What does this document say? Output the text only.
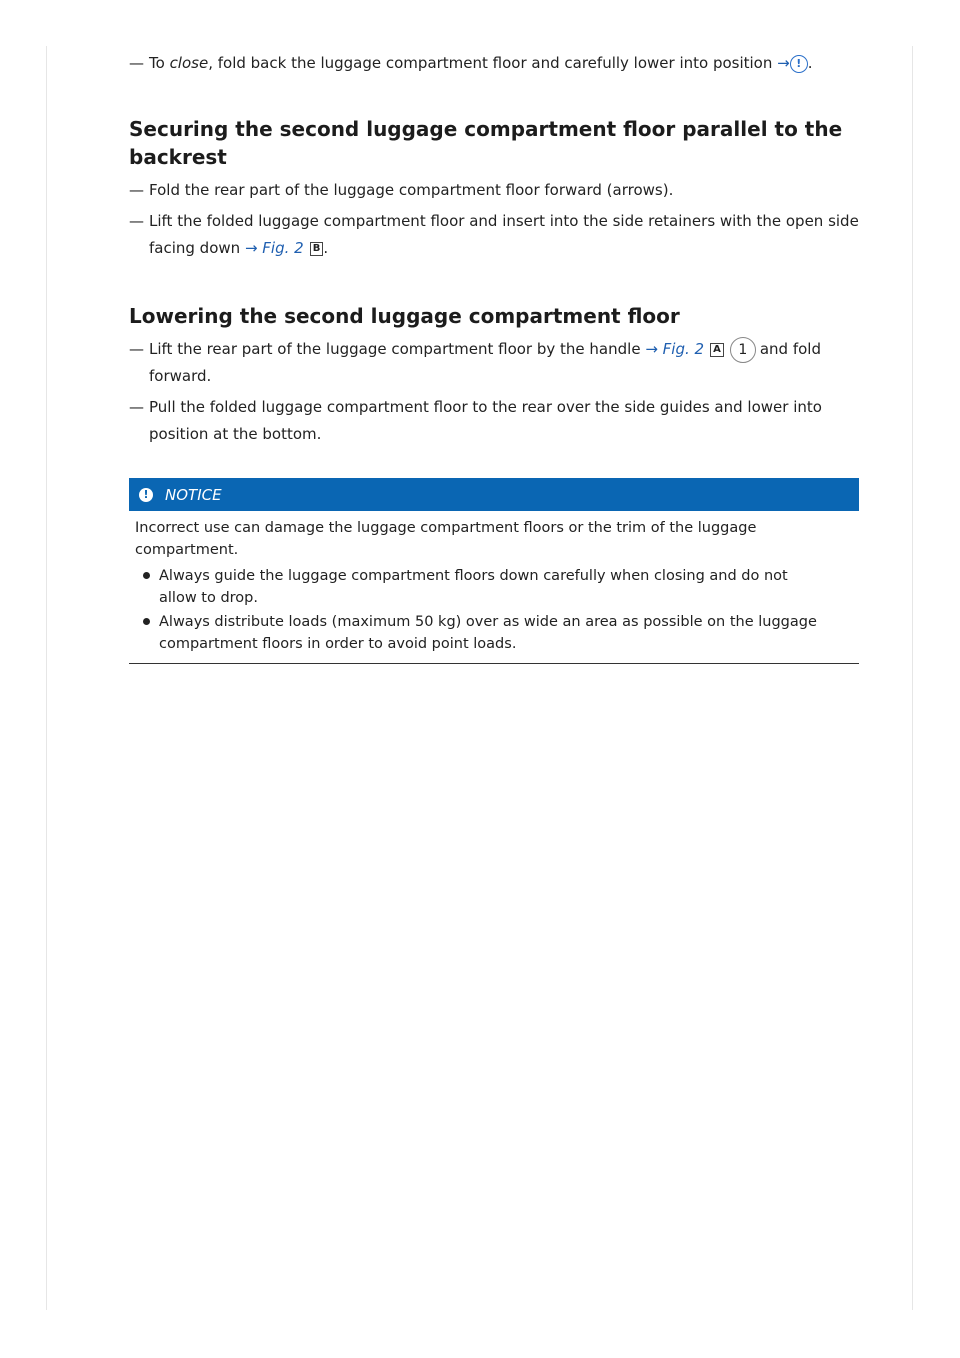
— To close, fold back the luggage compartment floor and carefully lower into position → ! .

Securing the second luggage compartment floor parallel to the backrest

— Fold the rear part of the luggage compartment floor forward (arrows).

— Lift the folded luggage compartment floor and insert into the side retainers with the open side
facing down → Fig. 2 B .

Lowering the second luggage compartment floor

— Lift the rear part of the luggage compartment floor by the handle → Fig. 2 A 1 and fold
forward.

— Pull the folded luggage compartment floor to the rear over the side guides and lower into
position at the bottom.

! NOTICE
Incorrect use can damage the luggage compartment floors or the trim of the luggage compartment.
Always guide the luggage compartment floors down carefully when closing and do not allow to drop.
Always distribute loads (maximum 50 kg) over as wide an area as possible on the luggage compartment floors in order to avoid point loads.
